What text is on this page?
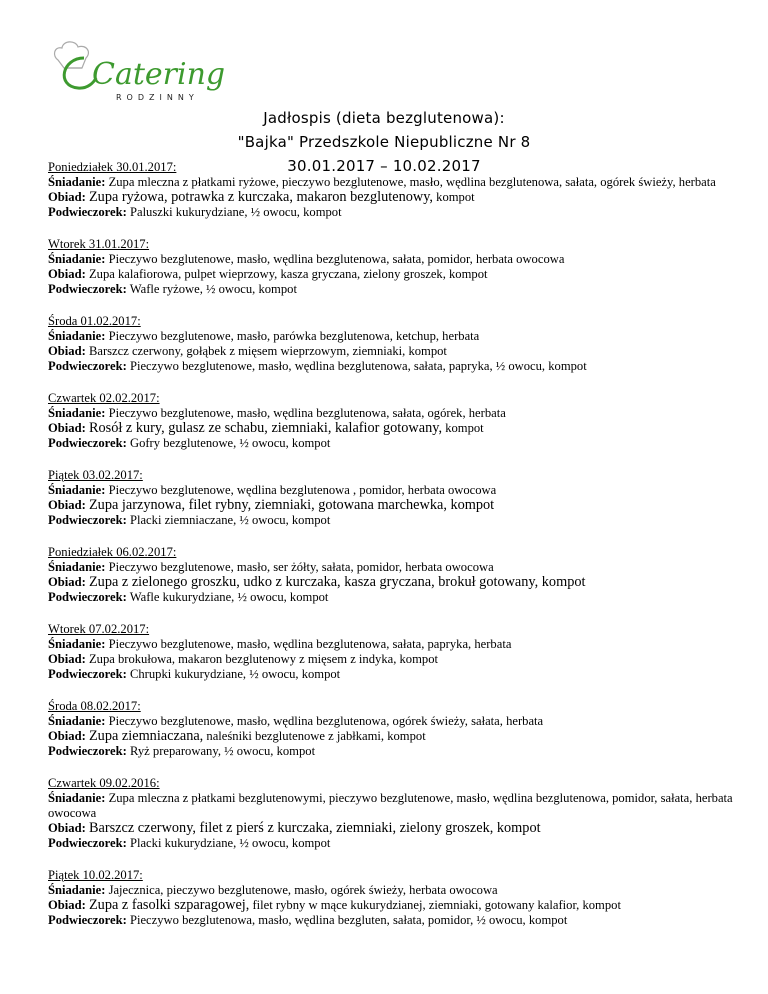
Catering
RODZINNY
Jadłospis (dieta bezglutenowa):
"Bajka" Przedszkole Niepubliczne Nr 8
30.01.2017 – 10.02.2017
Poniedziałek 30.01.2017:
Śniadanie: Zupa mleczna z płatkami ryżowe, pieczywo bezglutenowe, masło, wędlina bezglutenowa, sałata, ogórek świeży, herbata
Obiad: Zupa ryżowa, potrawka z kurczaka, makaron bezglutenowy, kompot
Podwieczorek: Paluszki kukurydziane, ½ owocu, kompot
Wtorek 31.01.2017:
Śniadanie: Pieczywo bezglutenowe, masło, wędlina bezglutenowa, sałata, pomidor, herbata owocowa
Obiad: Zupa kalafiorowa, pulpet wieprzowy, kasza gryczana, zielony groszek, kompot
Podwieczorek: Wafle ryżowe, ½ owocu, kompot
Środa 01.02.2017:
Śniadanie: Pieczywo bezglutenowe, masło, parówka bezglutenowa, ketchup, herbata
Obiad: Barszcz czerwony, gołąbek z mięsem wieprzowym, ziemniaki, kompot
Podwieczorek: Pieczywo bezglutenowe, masło, wędlina bezglutenowa, sałata, papryka, ½ owocu, kompot
Czwartek 02.02.2017:
Śniadanie: Pieczywo bezglutenowe, masło, wędlina bezglutenowa, sałata, ogórek, herbata
Obiad: Rosół z kury, gulasz ze schabu, ziemniaki, kalafior gotowany, kompot
Podwieczorek: Gofry bezglutenowe, ½ owocu, kompot
Piątek 03.02.2017:
Śniadanie: Pieczywo bezglutenowe, wędlina bezglutenowa , pomidor, herbata owocowa
Obiad: Zupa jarzynowa, filet rybny, ziemniaki, gotowana marchewka, kompot
Podwieczorek: Placki ziemniaczane, ½ owocu, kompot
Poniedziałek 06.02.2017:
Śniadanie: Pieczywo bezglutenowe, masło, ser żółty, sałata, pomidor, herbata owocowa
Obiad: Zupa z zielonego groszku, udko z kurczaka, kasza gryczana, brokuł gotowany, kompot
Podwieczorek: Wafle kukurydziane, ½ owocu, kompot
Wtorek 07.02.2017:
Śniadanie: Pieczywo bezglutenowe, masło, wędlina bezglutenowa, sałata, papryka, herbata
Obiad: Zupa brokułowa, makaron bezglutenowy z mięsem z indyka, kompot
Podwieczorek: Chrupki kukurydziane, ½ owocu, kompot
Środa 08.02.2017:
Śniadanie: Pieczywo bezglutenowe, masło, wędlina bezglutenowa, ogórek świeży, sałata, herbata
Obiad: Zupa ziemniaczana, naleśniki bezglutenowe z jabłkami, kompot
Podwieczorek: Ryż preparowany, ½ owocu, kompot
Czwartek 09.02.2016:
Śniadanie: Zupa mleczna z płatkami bezglutenowymi, pieczywo bezglutenowe, masło, wędlina bezglutenowa, pomidor, sałata, herbata owocowa
Obiad: Barszcz czerwony, filet z pierś z kurczaka, ziemniaki, zielony groszek, kompot
Podwieczorek: Placki kukurydziane, ½ owocu, kompot
Piątek 10.02.2017:
Śniadanie: Jajecznica, pieczywo bezglutenowe, masło, ogórek świeży, herbata owocowa
Obiad: Zupa z fasolki szparagowej, filet rybny w mące kukurydzianej, ziemniaki, gotowany kalafior, kompot
Podwieczorek: Pieczywo bezglutenowa, masło, wędlina bezgluten, sałata, pomidor, ½ owocu, kompot
